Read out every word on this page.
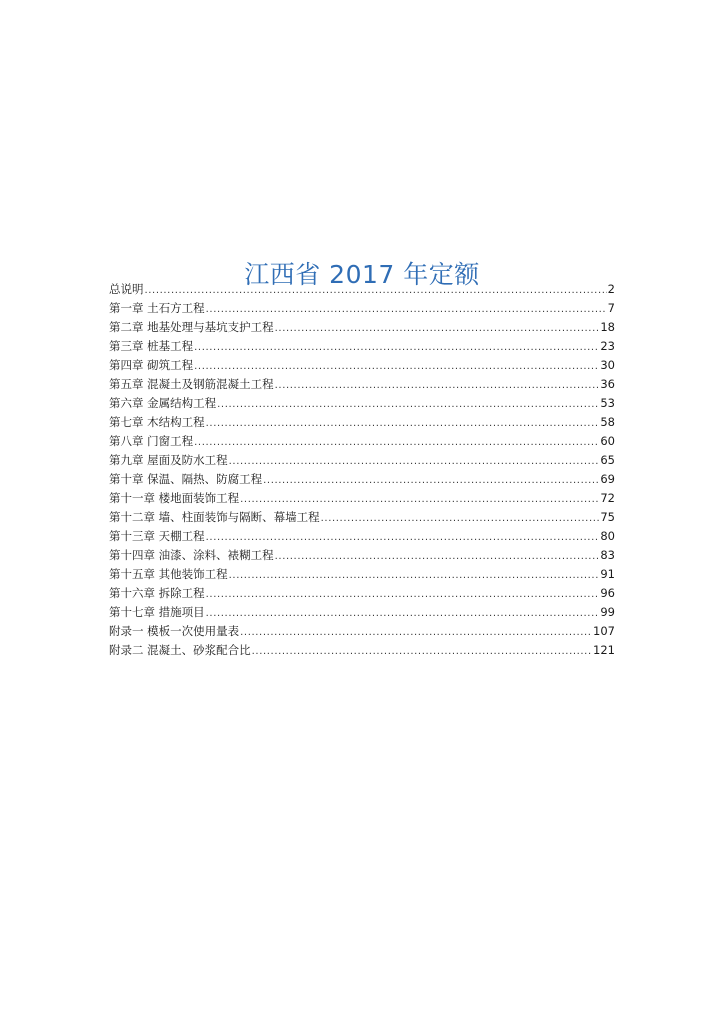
江西省 2017 年定额
总说明 .....	2
第一章 土石方工程 .....	7
第二章 地基处理与基坑支护工程 .....	18
第三章 桩基工程 .....	23
第四章 砌筑工程 .....	30
第五章 混凝土及钢筋混凝土工程 .....	36
第六章 金属结构工程 .....	53
第七章 木结构工程 .....	58
第八章 门窗工程 .....	60
第九章 屋面及防水工程 .....	65
第十章 保温、隔热、防腐工程 .....	69
第十一章 楼地面装饰工程 .....	72
第十二章 墙、柱面装饰与隔断、幕墙工程 .....	75
第十三章 天棚工程 .....	80
第十四章 油漆、涂料、裱糊工程 .....	83
第十五章 其他装饰工程 .....	91
第十六章 拆除工程 .....	96
第十七章 措施项目 .....	99
附录一 模板一次使用量表 .....	107
附录二 混凝土、砂浆配合比 .....	121
